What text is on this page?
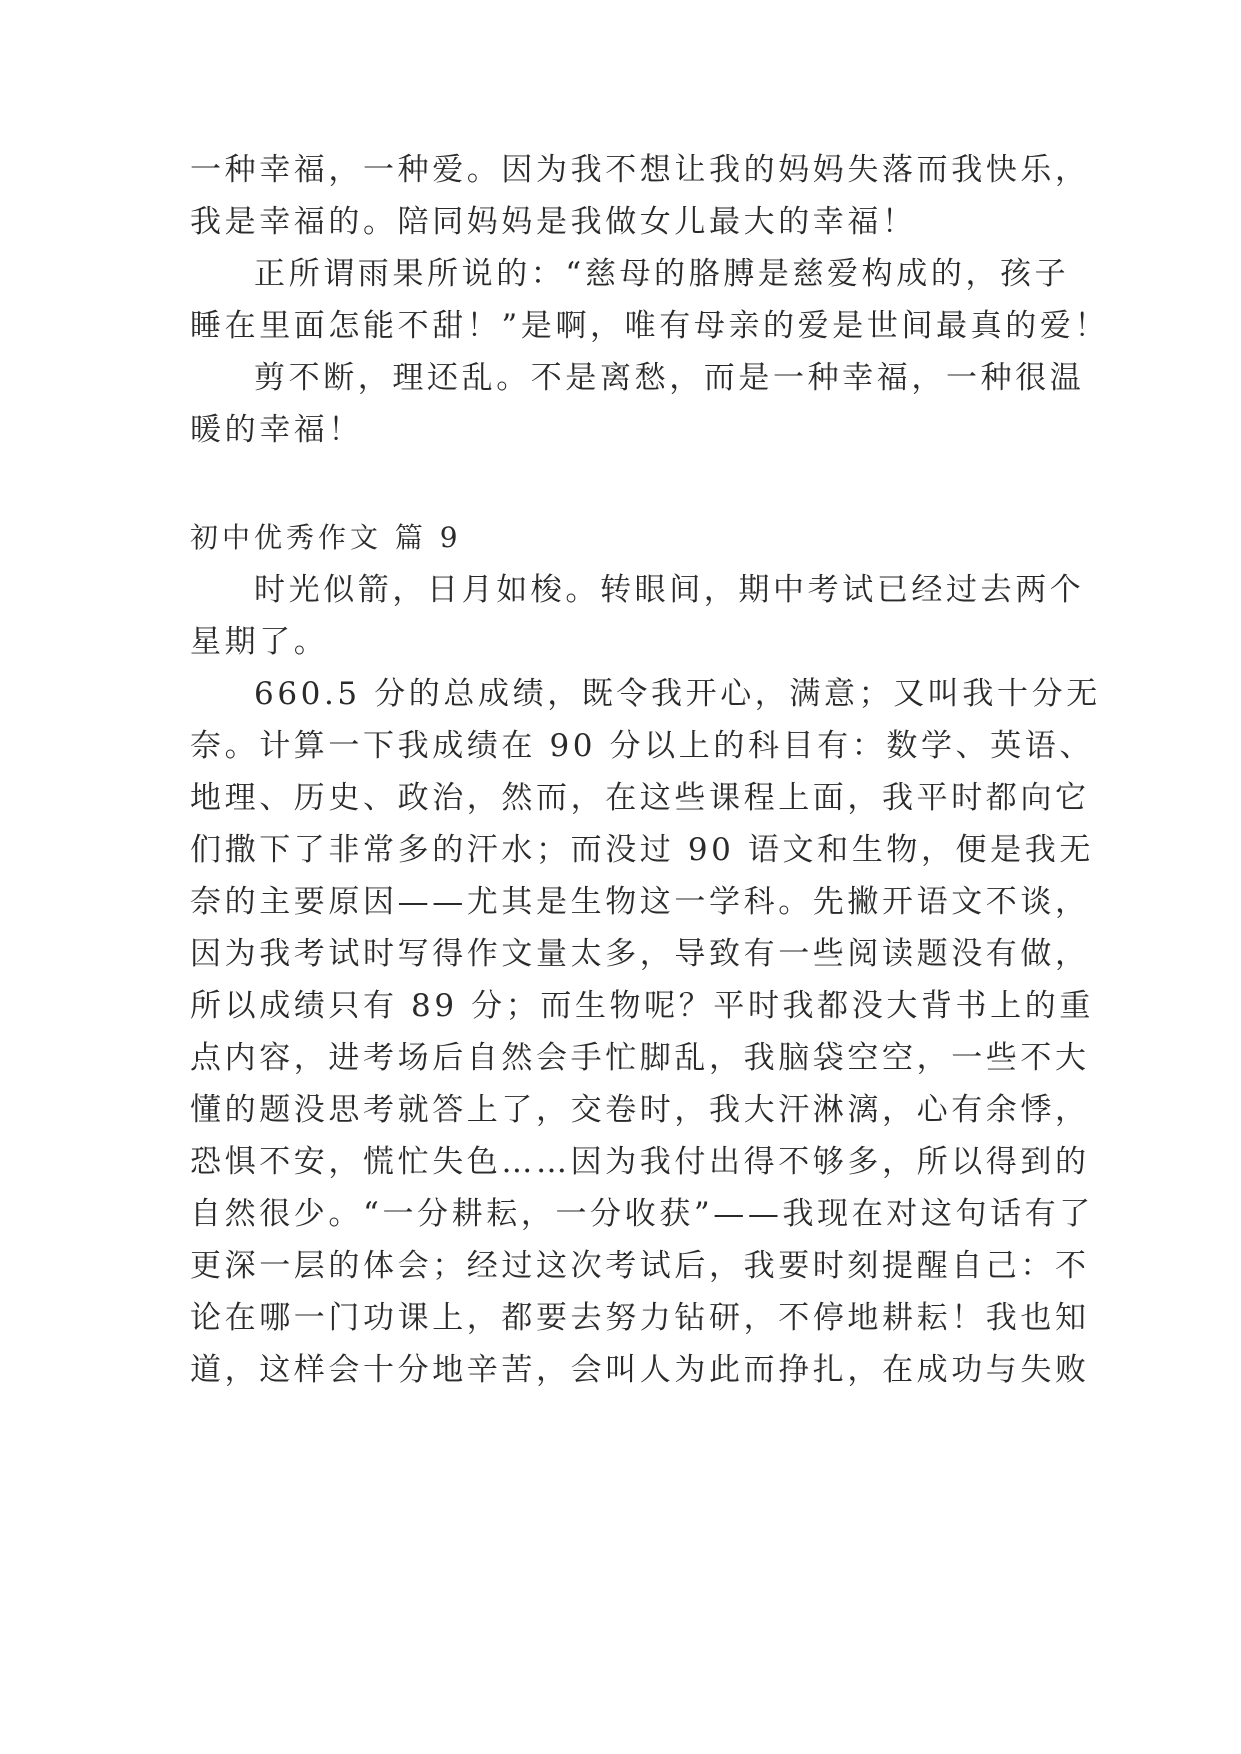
一种幸福，一种爱。因为我不想让我的妈妈失落而我快乐，
我是幸福的。陪同妈妈是我做女儿最大的幸福！
正所谓雨果所说的：“慈母的胳膊是慈爱构成的，孩子
睡在里面怎能不甜！”是啊，唯有母亲的爱是世间最真的爱！
剪不断，理还乱。不是离愁，而是一种幸福，一种很温
暖的幸福！
初中优秀作文 篇 9
时光似箭，日月如梭。转眼间，期中考试已经过去两个
星期了。
660.5 分的总成绩，既令我开心，满意；又叫我十分无
奈。计算一下我成绩在 90 分以上的科目有：数学、英语、
地理、历史、政治，然而，在这些课程上面，我平时都向它
们撒下了非常多的汗水；而没过 90 语文和生物，便是我无
奈的主要原因——尤其是生物这一学科。先撇开语文不谈，
因为我考试时写得作文量太多，导致有一些阅读题没有做，
所以成绩只有 89 分；而生物呢？平时我都没大背书上的重
点内容，进考场后自然会手忙脚乱，我脑袋空空，一些不大
懂的题没思考就答上了，交卷时，我大汗淋漓，心有余悸，
恐惧不安，慌忙失色……因为我付出得不够多，所以得到的
自然很少。“一分耕耘，一分收获”——我现在对这句话有了
更深一层的体会；经过这次考试后，我要时刻提醒自己：不
论在哪一门功课上，都要去努力钻研，不停地耕耘！我也知
道，这样会十分地辛苦，会叫人为此而挣扎，在成功与失败
